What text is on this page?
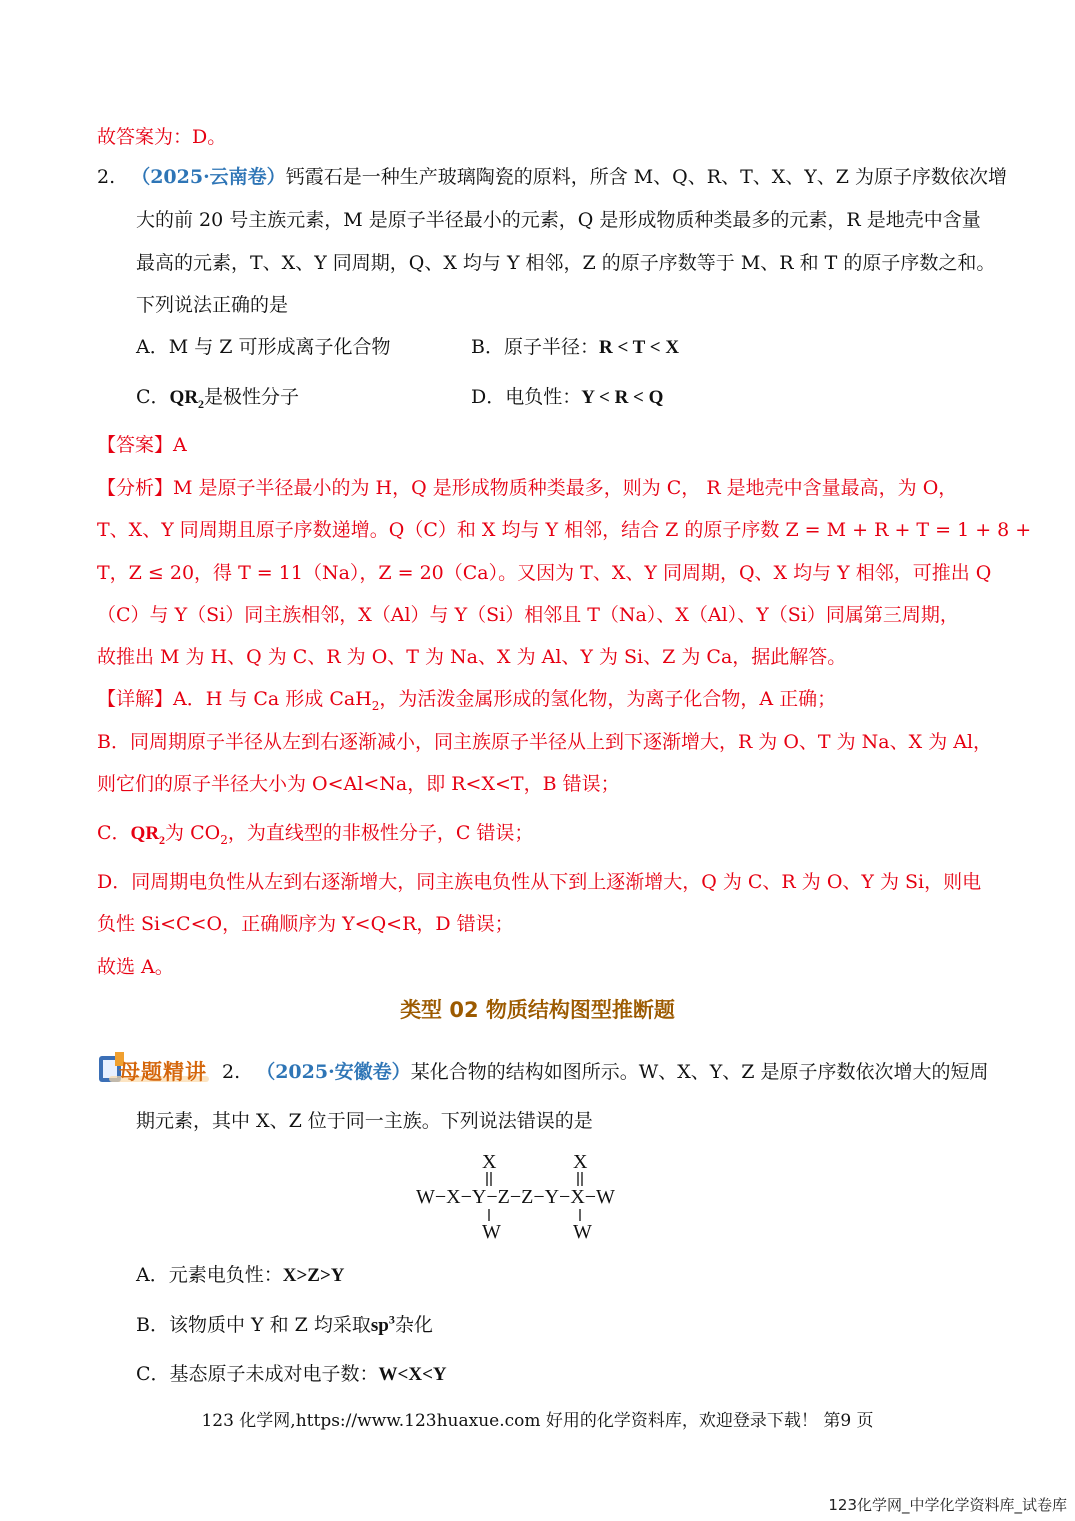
故答案为：D。
2. （2025·云南卷）钙霞石是一种生产玻璃陶瓷的原料，所含 M、Q、R、T、X、Y、Z 为原子序数依次增
大的前 20 号主族元素，M 是原子半径最小的元素，Q 是形成物质种类最多的元素，R 是地壳中含量
最高的元素，T、X、Y 同周期，Q、X 均与 Y 相邻，Z 的原子序数等于 M、R 和 T 的原子序数之和。
下列说法正确的是
A．M 与 Z 可形成离子化合物	B．原子半径：R < T < X
C．$QR_2$是极性分子	D．电负性：Y < R < Q
【答案】A
【分析】M 是原子半径最小的为 H，Q 是形成物质种类最多，则为 C， R 是地壳中含量最高，为 O，
T、X、Y 同周期且原子序数递增。Q（C）和 X 均与 Y 相邻，结合 Z 的原子序数 Z = M + R + T = 1 + 8 +
T，Z ≤ 20，得 T = 11（Na），Z = 20（Ca）。又因为 T、X、Y 同周期，Q、X 均与 Y 相邻，可推出 Q
（C）与 Y（Si）同主族相邻，X（Al）与 Y（Si）相邻且 T（Na）、X（Al）、Y（Si）同属第三周期，
故推出 M 为 H、Q 为 C、R 为 O、T 为 Na、X 为 Al、Y 为 Si、Z 为 Ca，据此解答。
【详解】A．H 与 Ca 形成 CaH$_2$，为活泼金属形成的氢化物，为离子化合物，A 正确；
B．同周期原子半径从左到右逐渐减小，同主族原子半径从上到下逐渐增大，R 为 O、T 为 Na、X 为 Al，
则它们的原子半径大小为 O<Al<Na，即 R<X<T，B 错误；
C．$QR_2$为 $CO_2$，为直线型的非极性分子，C 错误；
D．同周期电负性从左到右逐渐增大，同主族电负性从下到上逐渐增大，Q 为 C、R 为 O、Y 为 Si，则电
负性 Si<C<O，正确顺序为 Y<Q<R，D 错误；
故选 A。
类型 02 物质结构图型推断题
母题精讲 2. （2025·安徽卷）某化合物的结构如图所示。W、X、Y、Z 是原子序数依次增大的短周
期元素，其中 X、Z 位于同一主族。下列说法错误的是
X	X
W−X−Y−Z−Z−Y−X−W
W	W
A．元素电负性：X>Z>Y
B．该物质中 Y 和 Z 均采取$sp^3$杂化
C．基态原子未成对电子数：W<X<Y
123 化学网,https://www.123huaxue.com 好用的化学资料库，欢迎登录下载！ 第9 页
123化学网_中学化学资料库_试卷库
